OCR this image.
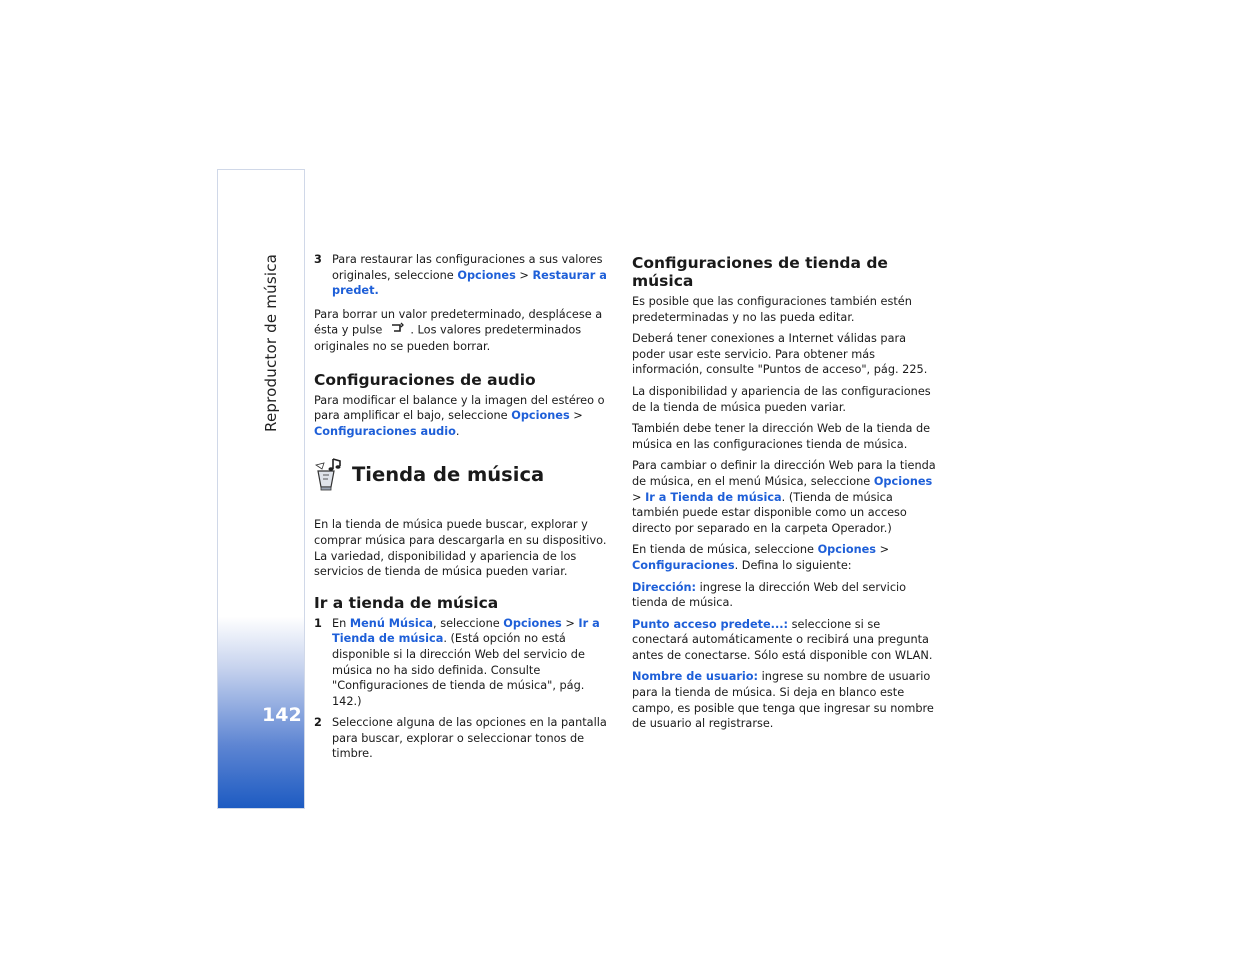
Reproductor de música
142
3 Para restaurar las configuraciones a sus valores originales, seleccione Opciones > Restaurar a predet.

Para borrar un valor predeterminado, desplácese a ésta y pulse . Los valores predeterminados originales no se pueden borrar.

Configuraciones de audio

Para modificar el balance y la imagen del estéreo o para amplificar el bajo, seleccione Opciones > Configuraciones audio.

Tienda de música

En la tienda de música puede buscar, explorar y comprar música para descargarla en su dispositivo. La variedad, disponibilidad y apariencia de los servicios de tienda de música pueden variar.

Ir a tienda de música
1 En Menú Música, seleccione Opciones > Ir a Tienda de música. (Está opción no está disponible si la dirección Web del servicio de música no ha sido definida. Consulte "Configuraciones de tienda de música", pág. 142.)
2 Seleccione alguna de las opciones en la pantalla para buscar, explorar o seleccionar tonos de timbre.
Configuraciones de tienda de música

Es posible que las configuraciones también estén predeterminadas y no las pueda editar.

Deberá tener conexiones a Internet válidas para poder usar este servicio. Para obtener más información, consulte "Puntos de acceso", pág. 225.

La disponibilidad y apariencia de las configuraciones de la tienda de música pueden variar.

También debe tener la dirección Web de la tienda de música en las configuraciones tienda de música.

Para cambiar o definir la dirección Web para la tienda de música, en el menú Música, seleccione Opciones > Ir a Tienda de música. (Tienda de música también puede estar disponible como un acceso directo por separado en la carpeta Operador.)

En tienda de música, seleccione Opciones > Configuraciones. Defina lo siguiente:

Dirección: ingrese la dirección Web del servicio tienda de música.

Punto acceso predete...: seleccione si se conectará automáticamente o recibirá una pregunta antes de conectarse. Sólo está disponible con WLAN.

Nombre de usuario: ingrese su nombre de usuario para la tienda de música. Si deja en blanco este campo, es posible que tenga que ingresar su nombre de usuario al registrarse.
